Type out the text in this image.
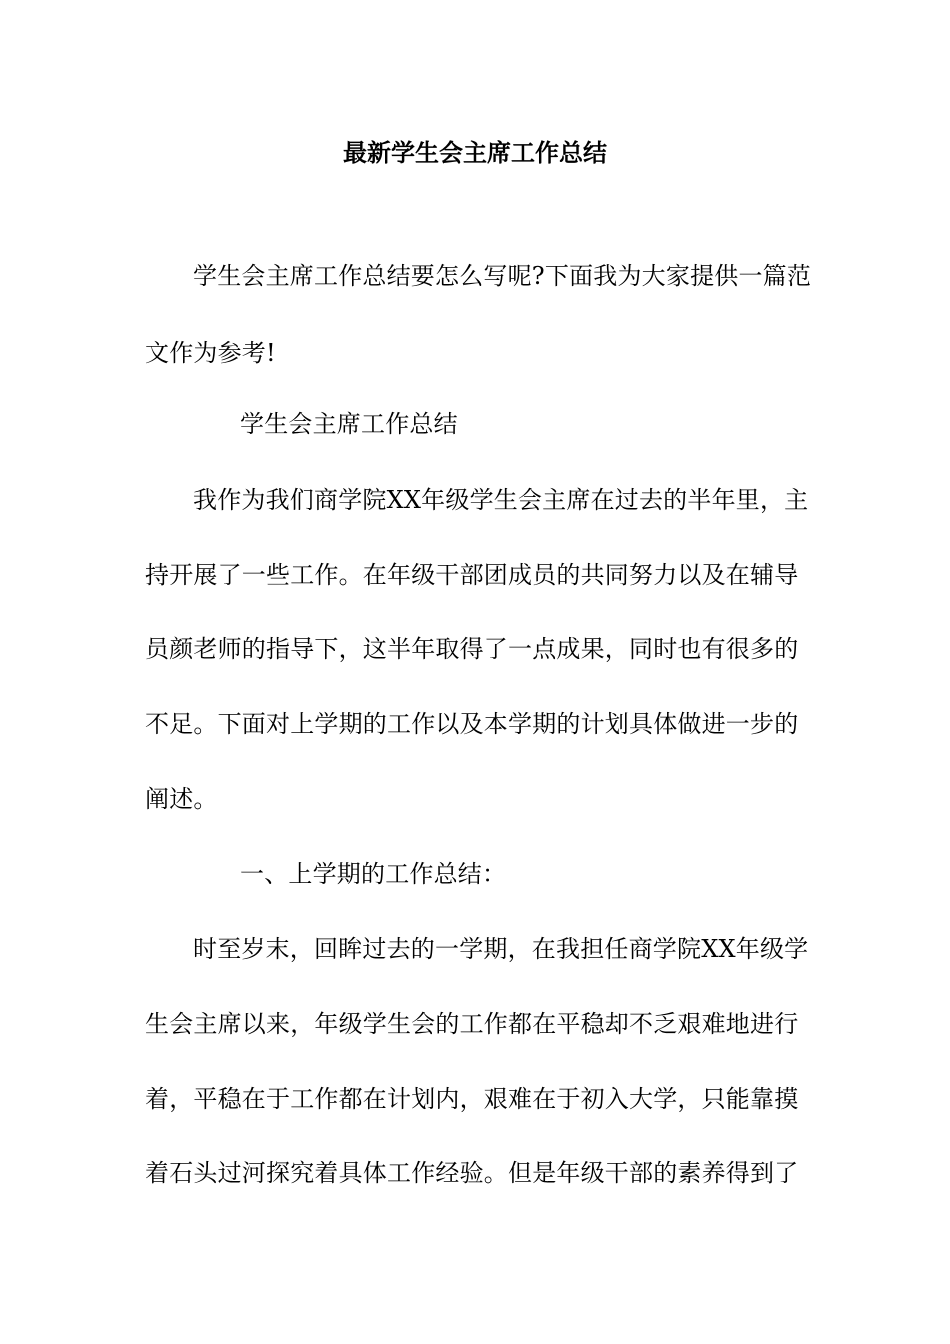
最新学生会主席工作总结
学生会主席工作总结要怎么写呢?下面我为大家提供一篇范
文作为参考!
学生会主席工作总结
我作为我们商学院XX年级学生会主席在过去的半年里，主
持开展了一些工作。在年级干部团成员的共同努力以及在辅导
员颜老师的指导下，这半年取得了一点成果，同时也有很多的
不足。下面对上学期的工作以及本学期的计划具体做进一步的
阐述。
一、上学期的工作总结：
时至岁末，回眸过去的一学期，在我担任商学院XX年级学
生会主席以来，年级学生会的工作都在平稳却不乏艰难地进行
着，平稳在于工作都在计划内，艰难在于初入大学，只能靠摸
着石头过河探究着具体工作经验。但是年级干部的素养得到了
